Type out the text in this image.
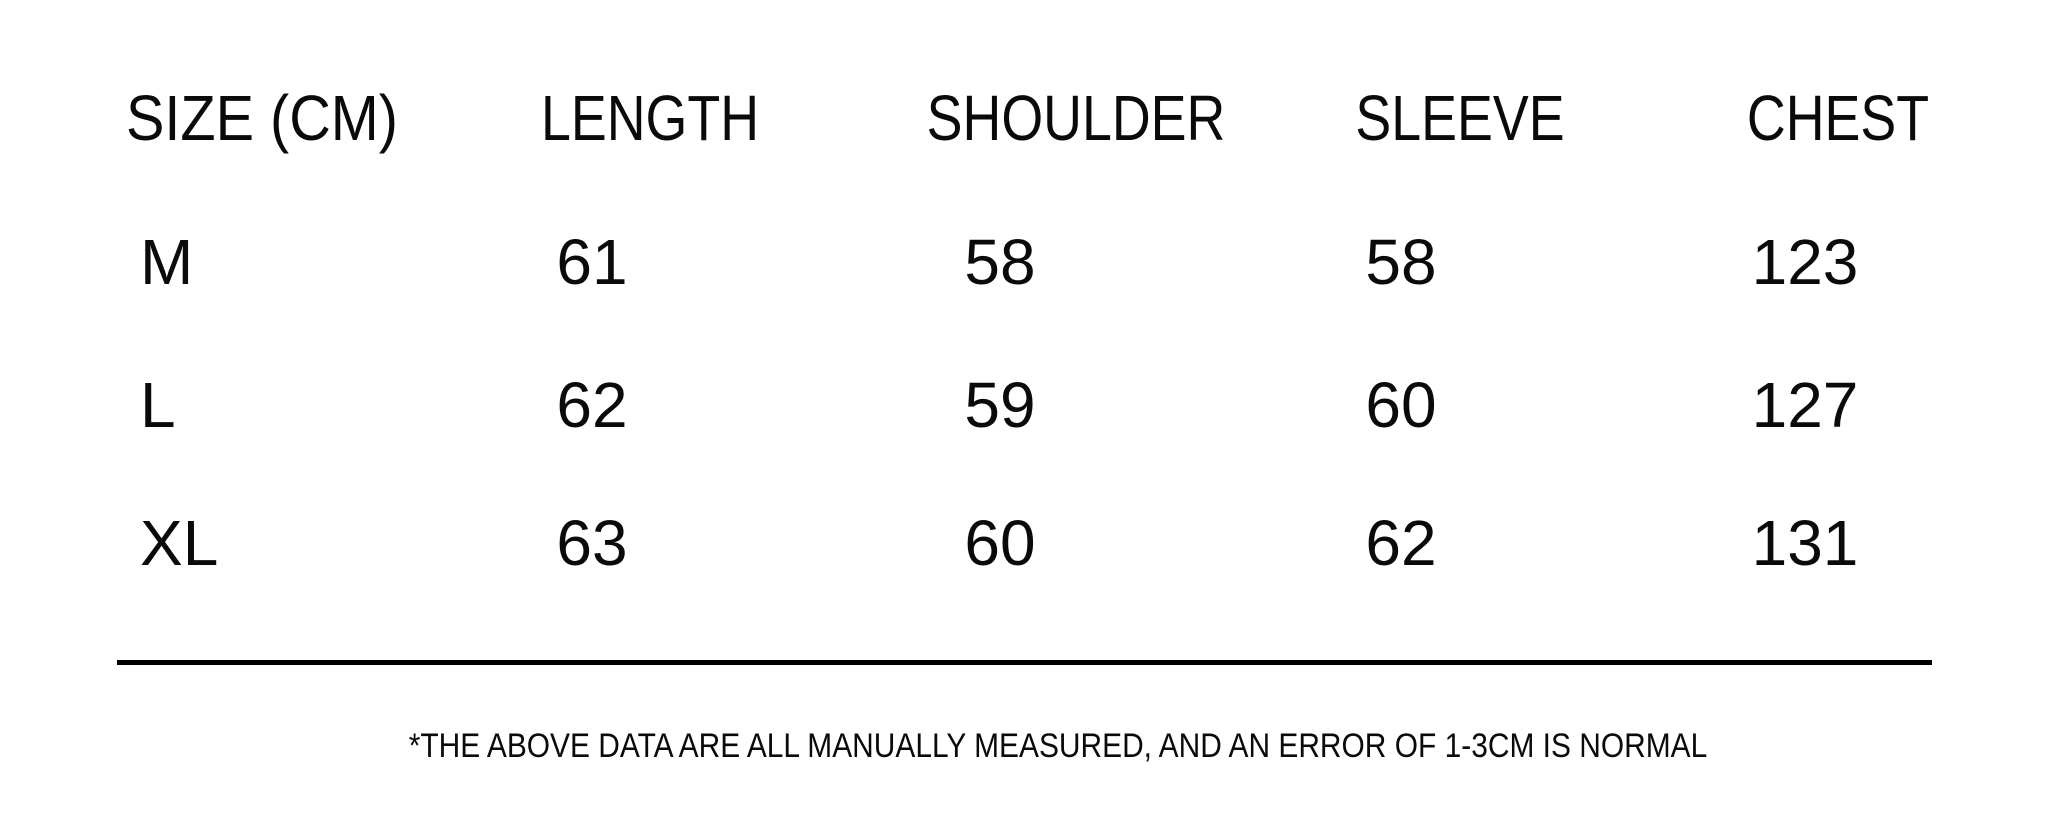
SIZE (CM)	LENGTH	SHOULDER	SLEEVE	CHEST
M	61	58	58	123
L	62	59	60	127
XL	63	60	62	131
*THE ABOVE DATA ARE ALL MANUALLY MEASURED, AND AN ERROR OF 1-3CM IS NORMAL
